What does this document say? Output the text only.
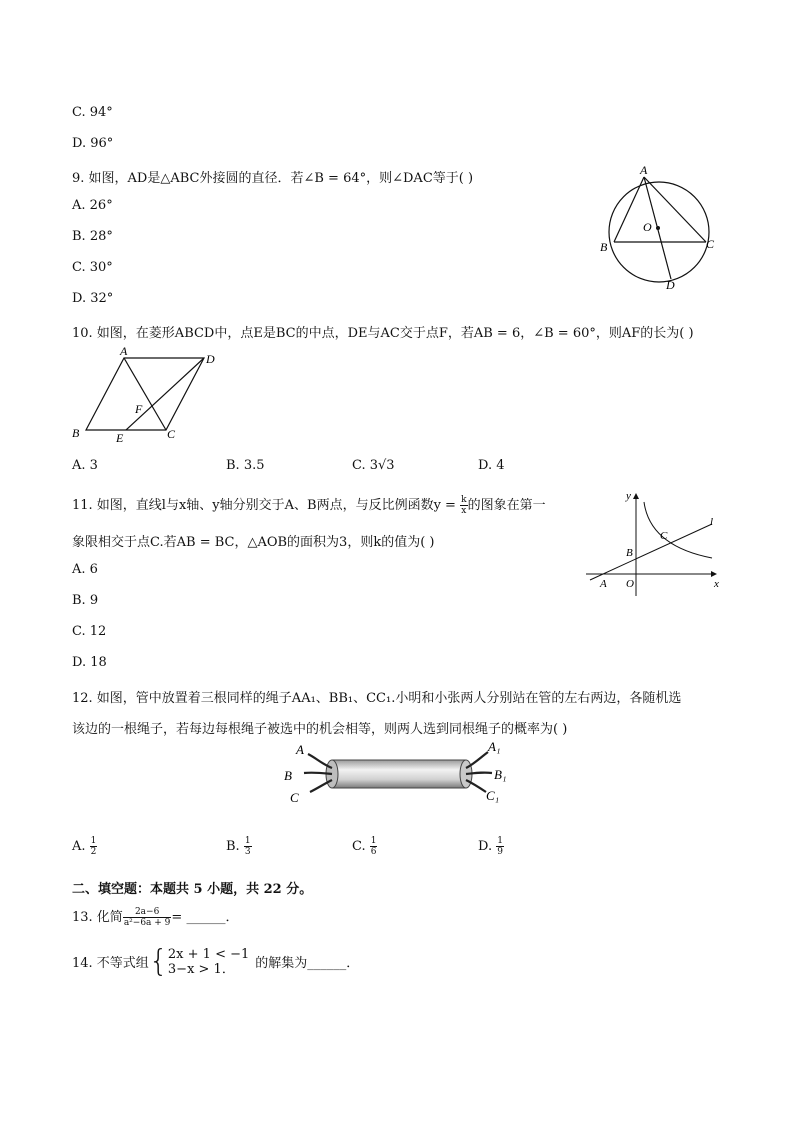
C. 94°
D. 96°
9. 如图，AD是△ABC外接圆的直径．若∠B = 64°，则∠DAC等于( )
A. 26°
B. 28°
C. 30°
D. 32°
A
O
B	C
D
10. 如图，在菱形ABCD中，点E是BC的中点，DE与AC交于点F，若AB = 6，∠B = 60°，则AF的长为( )
A
D
F
B	E	C
A. 3	B. 3.5	C. 3√3	D. 4
11. 如图，直线l与x轴、y轴分别交于A、B两点，与反比例函数$y = \frac{k}{x}$ 的图象在第一
象限相交于点C.若AB = BC，△AOB的面积为3，则k的值为( )
A. 6
B. 9
C. 12
D. 18
y
l
C
B
A O	x
12. 如图，管中放置着三根同样的绳子AA₁、BB₁、CC₁.小明和小张两人分别站在管的左右两边，各随机选
该边的一根绳子，若每边每根绳子被选中的机会相等，则两人选到同根绳子的概率为( )
A
B
C
A₁
B₁
C₁
A. $\frac{1}{2}$	B. $\frac{1}{3}$	C. $\frac{1}{6}$	D. $\frac{1}{9}$
二、填空题：本题共 5 小题，共 22 分。
13. 化简 $\frac{2a-6}{\text{a²−6a + 9}}$ = ______．
14. 不等式组{ 2x + 1 < −1
3−x > 1．	的解集为______．
